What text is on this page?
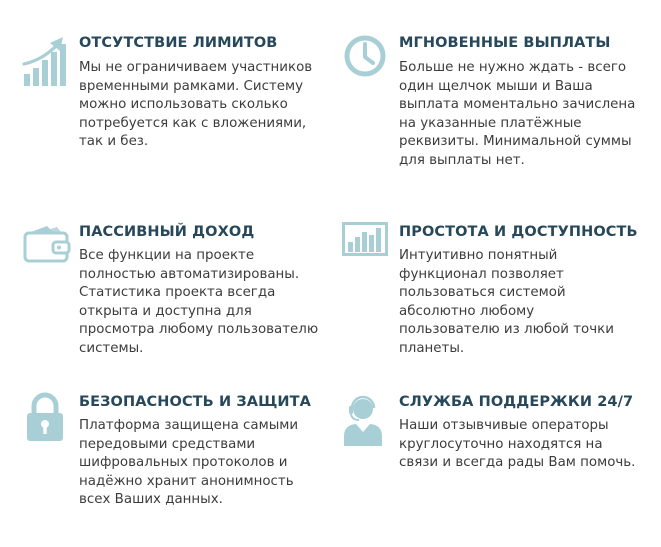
ОТСУТСТВИЕ ЛИМИТОВ

Мы не ограничиваем участников временными рамками. Систему можно использовать сколько потребуется как с вложениями, так и без.

МГНОВЕННЫЕ ВЫПЛАТЫ

Больше не нужно ждать - всего один щелчок мыши и Ваша выплата моментально зачислена на указанные платёжные реквизиты. Минимальной суммы для выплаты нет.

ПАССИВНЫЙ ДОХОД

Все функции на проекте полностью автоматизированы. Статистика проекта всегда открыта и доступна для просмотра любому пользователю системы.

ПРОСТОТА И ДОСТУПНОСТЬ

Интуитивно понятный функционал позволяет пользоваться системой абсолютно любому пользователю из любой точки планеты.

БЕЗОПАСНОСТЬ И ЗАЩИТА

Платформа защищена самыми передовыми средствами шифровальных протоколов и надёжно хранит анонимность всех Ваших данных.

СЛУЖБА ПОДДЕРЖКИ 24/7

Наши отзывчивые операторы круглосуточно находятся на связи и всегда рады Вам помочь.
